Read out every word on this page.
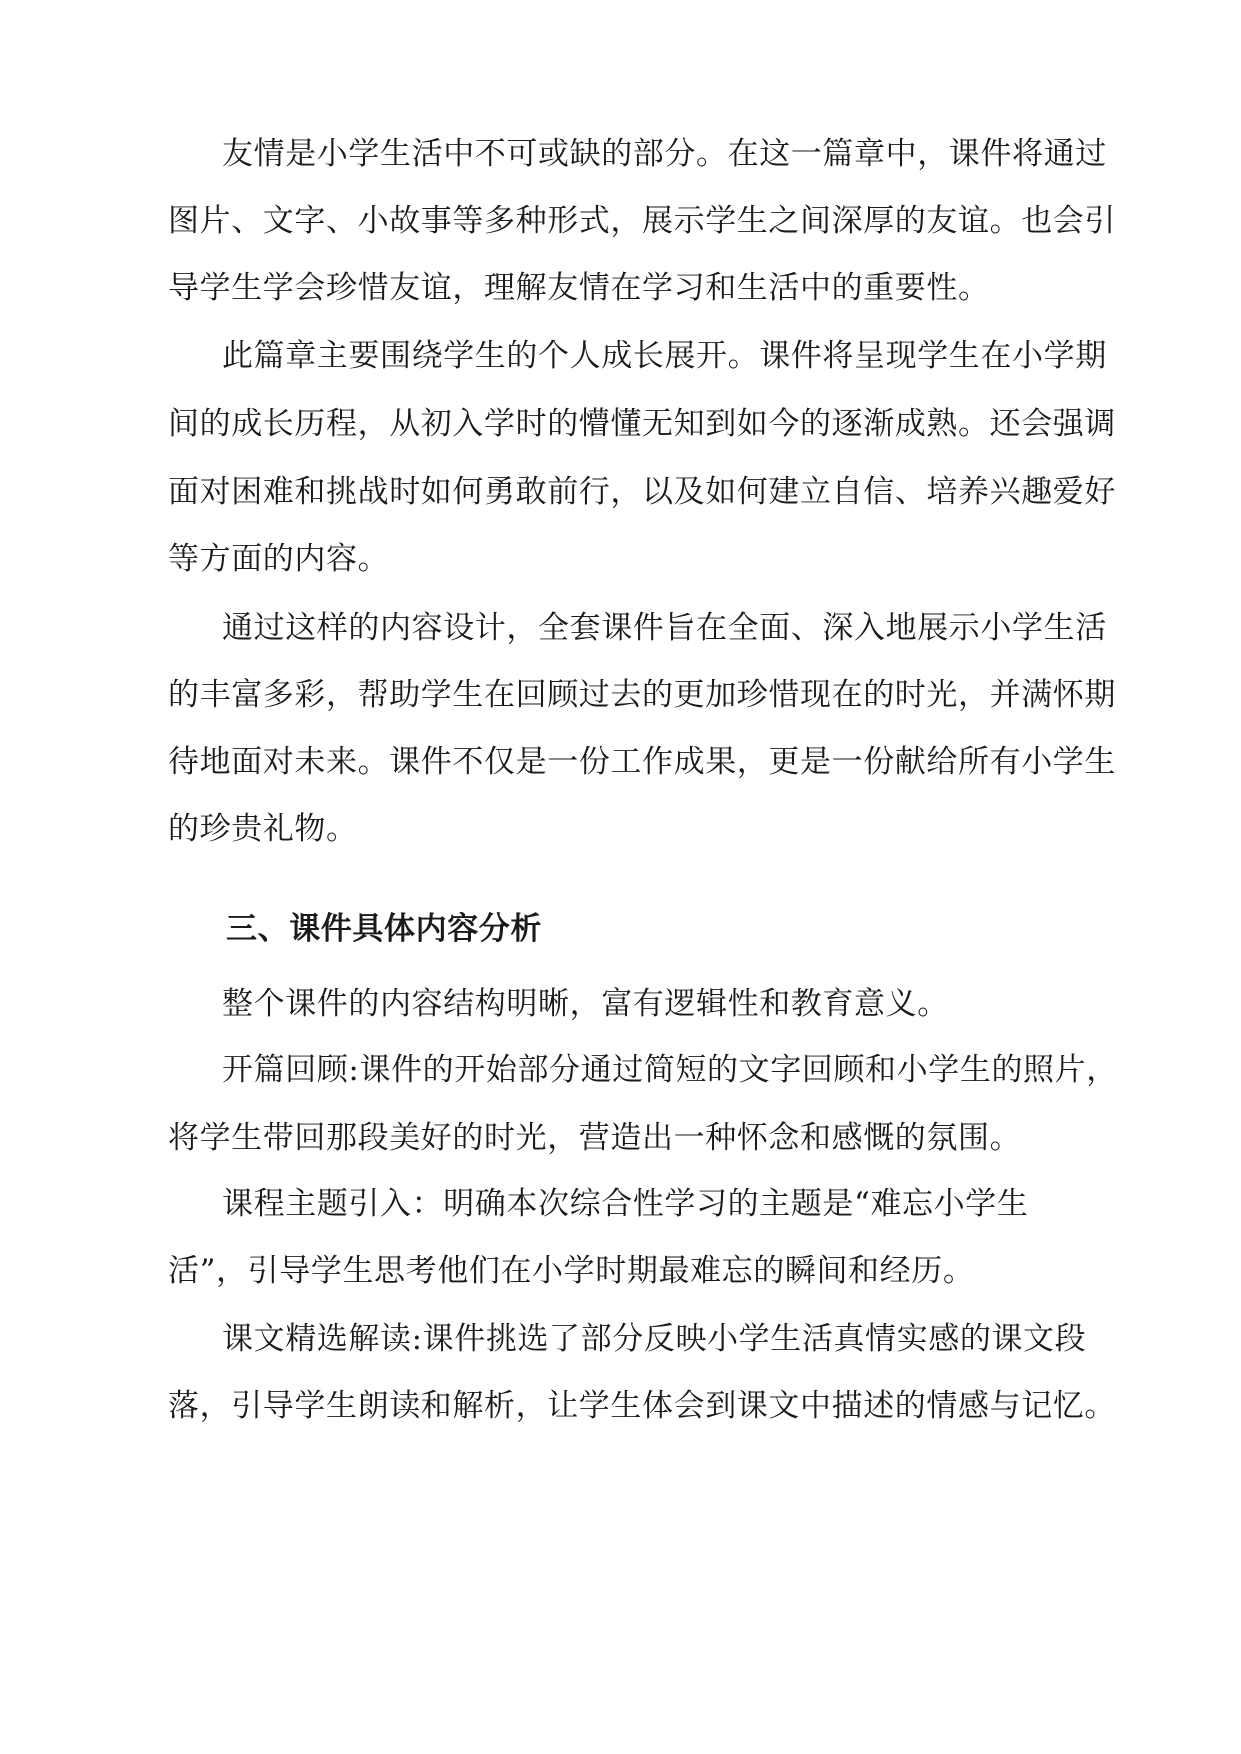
友情是小学生活中不可或缺的部分。在这一篇章中，课件将通过
图片、文字、小故事等多种形式，展示学生之间深厚的友谊。也会引
导学生学会珍惜友谊，理解友情在学习和生活中的重要性。
此篇章主要围绕学生的个人成长展开。课件将呈现学生在小学期
间的成长历程，从初入学时的懵懂无知到如今的逐渐成熟。还会强调
面对困难和挑战时如何勇敢前行，以及如何建立自信、培养兴趣爱好
等方面的内容。
通过这样的内容设计，全套课件旨在全面、深入地展示小学生活
的丰富多彩，帮助学生在回顾过去的更加珍惜现在的时光，并满怀期
待地面对未来。课件不仅是一份工作成果，更是一份献给所有小学生
的珍贵礼物。
三、课件具体内容分析
整个课件的内容结构明晰，富有逻辑性和教育意义。
开篇回顾:课件的开始部分通过简短的文字回顾和小学生的照片，
将学生带回那段美好的时光，营造出一种怀念和感慨的氛围。
课程主题引入：明确本次综合性学习的主题是“难忘小学生
活”，引导学生思考他们在小学时期最难忘的瞬间和经历。
课文精选解读:课件挑选了部分反映小学生活真情实感的课文段
落，引导学生朗读和解析，让学生体会到课文中描述的情感与记忆。
